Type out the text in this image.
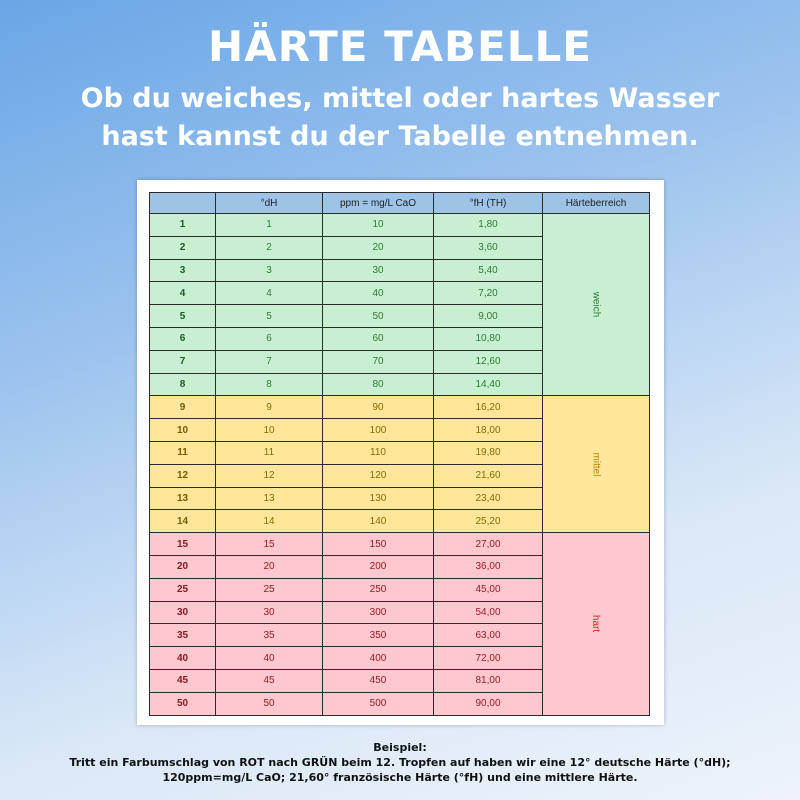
HÄRTE TABELLE
Ob du weiches, mittel oder hartes Wasser
hast kannst du der Tabelle entnehmen.
	°dH	ppm = mg/L CaO	°fH (TH)	Härteberreich
1	1	10	1,80	weich
2	2	20	3,60	
3	3	30	5,40	
4	4	40	7,20	
5	5	50	9,00	
6	6	60	10,80	
7	7	70	12,60	
8	8	80	14,40	
9	9	90	16,20	mittel
10	10	100	18,00	
11	11	110	19,80	
12	12	120	21,60	
13	13	130	23,40	
14	14	140	25,20	
15	15	150	27,00	hart
20	20	200	36,00	
25	25	250	45,00	
30	30	300	54,00	
35	35	350	63,00	
40	40	400	72,00	
45	45	450	81,00	
50	50	500	90,00	
Beispiel:
Tritt ein Farbumschlag von ROT nach GRÜN beim 12. Tropfen auf haben wir eine 12° deutsche Härte (°dH);
120ppm=mg/L CaO; 21,60° französische Härte (°fH) und eine mittlere Härte.
